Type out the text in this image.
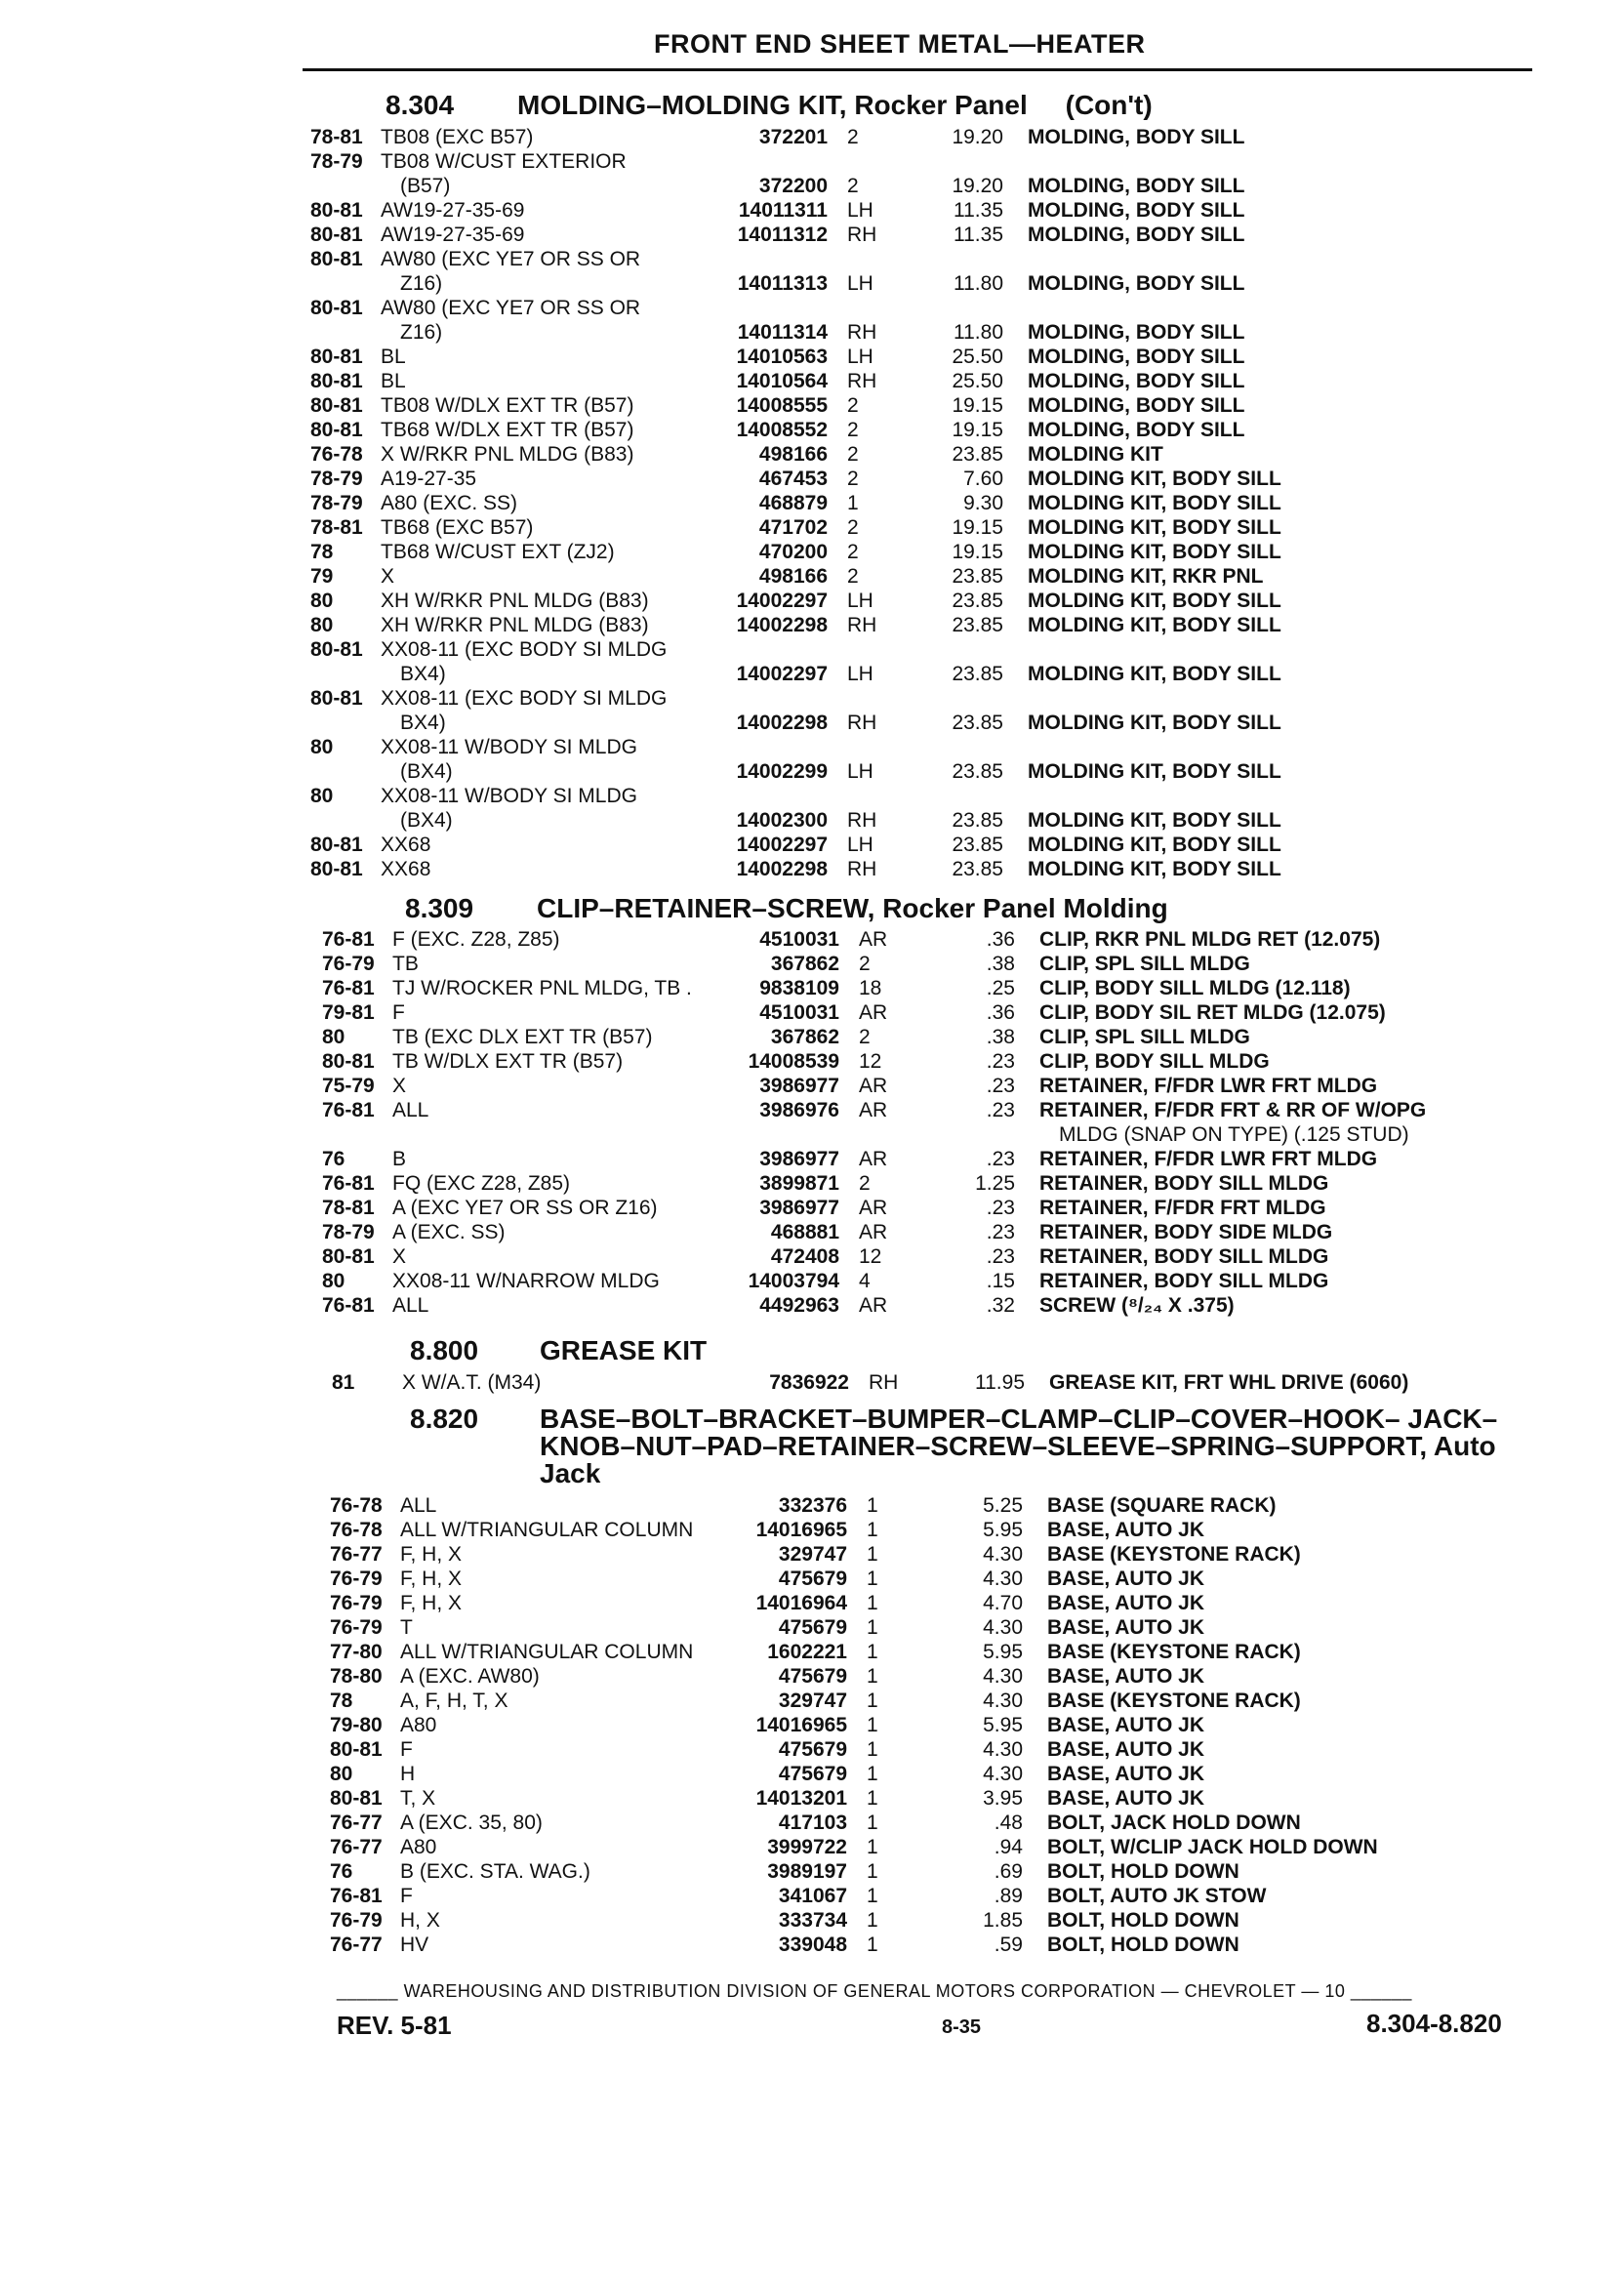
FRONT END SHEET METAL—HEATER
8.304 MOLDING–MOLDING KIT, Rocker Panel     (Con't)
78-81 TB08 (EXC B57)	372201 2	19.20 MOLDING, BODY SILL
78-79 TB08 W/CUST EXTERIOR
(B57)	372200 2	19.20 MOLDING, BODY SILL
80-81 AW19-27-35-69	14011311 LH	11.35 MOLDING, BODY SILL
80-81 AW19-27-35-69	14011312 RH	11.35 MOLDING, BODY SILL
80-81 AW80 (EXC YE7 OR SS OR
Z16)	14011313 LH	11.80 MOLDING, BODY SILL
80-81 AW80 (EXC YE7 OR SS OR
Z16)	14011314 RH	11.80 MOLDING, BODY SILL
80-81 BL	14010563 LH	25.50 MOLDING, BODY SILL
80-81 BL	14010564 RH	25.50 MOLDING, BODY SILL
80-81 TB08 W/DLX EXT TR (B57)	14008555 2	19.15 MOLDING, BODY SILL
80-81 TB68 W/DLX EXT TR (B57)	14008552 2	19.15 MOLDING, BODY SILL
76-78 X W/RKR PNL MLDG (B83)	498166 2	23.85 MOLDING KIT
78-79 A19-27-35	467453 2	7.60 MOLDING KIT, BODY SILL
78-79 A80 (EXC. SS)	468879 1	9.30 MOLDING KIT, BODY SILL
78-81 TB68 (EXC B57)	471702 2	19.15 MOLDING KIT, BODY SILL
78 TB68 W/CUST EXT (ZJ2)	470200 2	19.15 MOLDING KIT, BODY SILL
79 X	498166 2	23.85 MOLDING KIT, RKR PNL
80 XH W/RKR PNL MLDG (B83)	14002297 LH	23.85 MOLDING KIT, BODY SILL
80 XH W/RKR PNL MLDG (B83)	14002298 RH	23.85 MOLDING KIT, BODY SILL
80-81 XX08-11 (EXC BODY SI MLDG
BX4)	14002297 LH	23.85 MOLDING KIT, BODY SILL
80-81 XX08-11 (EXC BODY SI MLDG
BX4)	14002298 RH	23.85 MOLDING KIT, BODY SILL
80 XX08-11 W/BODY SI MLDG
(BX4)	14002299 LH	23.85 MOLDING KIT, BODY SILL
80 XX08-11 W/BODY SI MLDG
(BX4)	14002300 RH	23.85 MOLDING KIT, BODY SILL
80-81 XX68	14002297 LH	23.85 MOLDING KIT, BODY SILL
80-81 XX68	14002298 RH	23.85 MOLDING KIT, BODY SILL
8.309 CLIP–RETAINER–SCREW, Rocker Panel Molding
76-81 F (EXC. Z28, Z85)	4510031 AR	.36 CLIP, RKR PNL MLDG RET (12.075)
76-79 TB	367862 2	.38 CLIP, SPL SILL MLDG
76-81 TJ W/ROCKER PNL MLDG, TB .	9838109 18	.25 CLIP, BODY SILL MLDG (12.118)
79-81 F	4510031 AR	.36 CLIP, BODY SIL RET MLDG (12.075)
80 TB (EXC DLX EXT TR (B57)	367862 2	.38 CLIP, SPL SILL MLDG
80-81 TB W/DLX EXT TR (B57)	14008539 12	.23 CLIP, BODY SILL MLDG
75-79 X	3986977 AR	.23 RETAINER, F/FDR LWR FRT MLDG
76-81 ALL	3986976 AR	.23 RETAINER, F/FDR FRT & RR OF W/OPG
MLDG (SNAP ON TYPE) (.125 STUD)
76 B	3986977 AR	.23 RETAINER, F/FDR LWR FRT MLDG
76-81 FQ (EXC Z28, Z85)	3899871 2	1.25 RETAINER, BODY SILL MLDG
78-81 A (EXC YE7 OR SS OR Z16)	3986977 AR	.23 RETAINER, F/FDR FRT MLDG
78-79 A (EXC. SS)	468881 AR	.23 RETAINER, BODY SIDE MLDG
80-81 X	472408 12	.23 RETAINER, BODY SILL MLDG
80 XX08-11 W/NARROW MLDG	14003794 4	.15 RETAINER, BODY SILL MLDG
76-81 ALL	4492963 AR	.32 SCREW (⁸/₂₄ X .375)
8.800 GREASE KIT
81 X W/A.T. (M34)	7836922 RH	11.95 GREASE KIT, FRT WHL DRIVE (6060)
8.820 BASE–BOLT–BRACKET–BUMPER–CLAMP–CLIP–COVER–HOOK– JACK–
KNOB–NUT–PAD–RETAINER–SCREW–SLEEVE–SPRING–SUPPORT, Auto
Jack
76-78 ALL	332376 1	5.25 BASE (SQUARE RACK)
76-78 ALL W/TRIANGULAR COLUMN	14016965 1	5.95 BASE, AUTO JK
76-77 F, H, X	329747 1	4.30 BASE (KEYSTONE RACK)
76-79 F, H, X	475679 1	4.30 BASE, AUTO JK
76-79 F, H, X	14016964 1	4.70 BASE, AUTO JK
76-79 T	475679 1	4.30 BASE, AUTO JK
77-80 ALL W/TRIANGULAR COLUMN	1602221 1	5.95 BASE (KEYSTONE RACK)
78-80 A (EXC. AW80)	475679 1	4.30 BASE, AUTO JK
78 A, F, H, T, X	329747 1	4.30 BASE (KEYSTONE RACK)
79-80 A80	14016965 1	5.95 BASE, AUTO JK
80-81 F	475679 1	4.30 BASE, AUTO JK
80 H	475679 1	4.30 BASE, AUTO JK
80-81 T, X	14013201 1	3.95 BASE, AUTO JK
76-77 A (EXC. 35, 80)	417103 1	.48 BOLT, JACK HOLD DOWN
76-77 A80	3999722 1	.94 BOLT, W/CLIP JACK HOLD DOWN
76 B (EXC. STA. WAG.)	3989197 1	.69 BOLT, HOLD DOWN
76-81 F	341067 1	.89 BOLT, AUTO JK STOW
76-79 H, X	333734 1	1.85 BOLT, HOLD DOWN
76-77 HV	339048 1	.59 BOLT, HOLD DOWN
______ WAREHOUSING AND DISTRIBUTION DIVISION OF GENERAL MOTORS CORPORATION — CHEVROLET — 10 ______
REV. 5-81	8-35	8.304-8.820
